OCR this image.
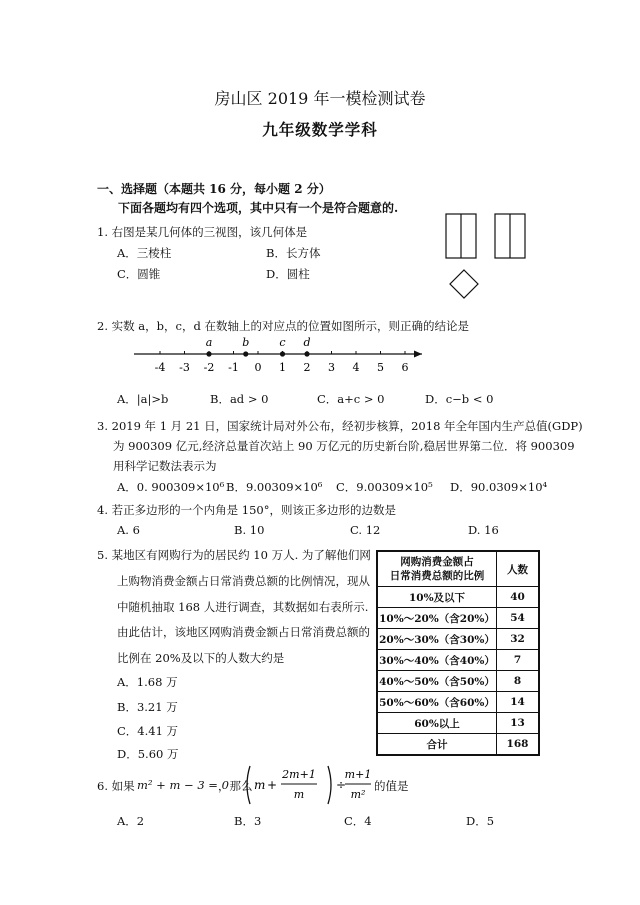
房山区 2019 年一模检测试卷
九年级数学学科
一、选择题（本题共 16 分，每小题 2 分）
下面各题均有四个选项，其中只有一个是符合题意的.
1. 右图是某几何体的三视图，该几何体是
A．三棱柱	B．长方体
C．圆锥	D．圆柱
2. 实数 a，b，c，d 在数轴上的对应点的位置如图所示，则正确的结论是
-4 -3 -2 -1 0 1 2 3 4 5 6
a	b	c d
A．|a|>b	B．ad > 0	C．a+c > 0	D．c−b < 0
3. 2019 年 1 月 21 日，国家统计局对外公布，经初步核算，2018 年全年国内生产总值(GDP)
为 900309 亿元,经济总量首次站上 90 万亿元的历史新台阶,稳居世界第二位．将 900309
用科学记数法表示为
A．0. 900309×10⁶ B．9.00309×10⁶ C．9.00309×10⁵ D．90.0309×10⁴
4. 若正多边形的一个内角是 150°，则该正多边形的边数是
A. 6	B. 10	C. 12	D. 16
5. 某地区有网购行为的居民约 10 万人. 为了解他们网
上购物消费金额占日常消费总额的比例情况，现从
中随机抽取 168 人进行调查，其数据如右表所示.
由此估计，该地区网购消费金额占日常消费总额的
比例在 20%及以下的人数大约是
A．1.68 万
B．3.21 万
C．4.41 万
D．5.60 万
网购消费金额占
日常消费总额的比例	人数
10%及以下	40
10%～20%（含20%）	54
20%～30%（含30%）	32
30%～40%（含40%）	7
40%～50%（含50%）	8
50%～60%（含60%）	14
60%以上	13
合计	168
6. 如果 m² + m − 3 = 0
，那么 m +
2m+1
m
÷
m+1
m²
的值是
A．2	B．3	C．4	D．5
